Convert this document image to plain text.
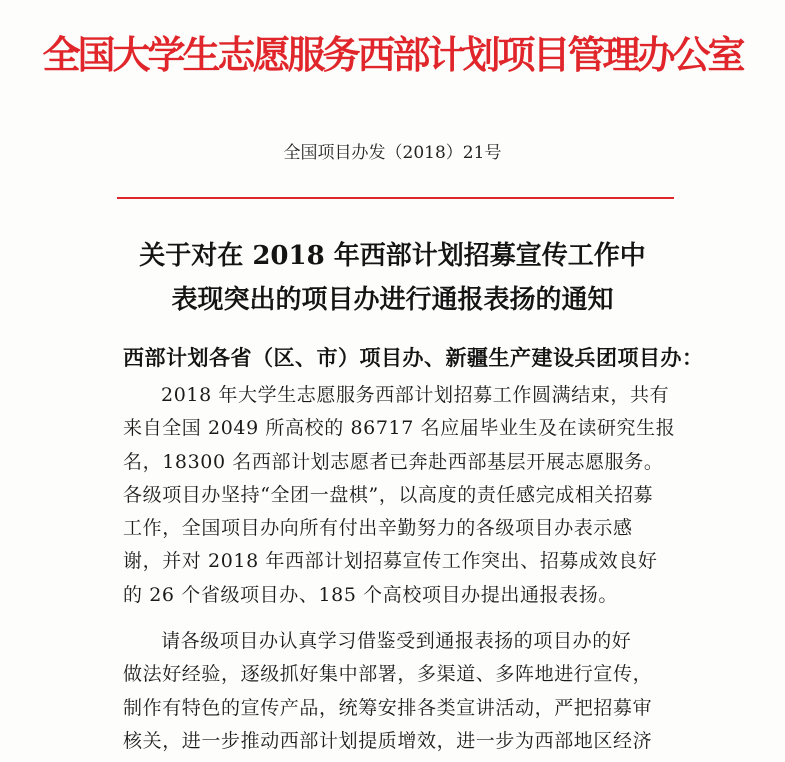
全国大学生志愿服务西部计划项目管理办公室
全国项目办发（2018）21号
关于对在 2018 年西部计划招募宣传工作中
表现突出的项目办进行通报表扬的通知
西部计划各省（区、市）项目办、新疆生产建设兵团项目办：
2018 年大学生志愿服务西部计划招募工作圆满结束，共有
来自全国 2049 所高校的 86717 名应届毕业生及在读研究生报
名，18300 名西部计划志愿者已奔赴西部基层开展志愿服务。
各级项目办坚持“全团一盘棋”，以高度的责任感完成相关招募
工作，全国项目办向所有付出辛勤努力的各级项目办表示感
谢，并对 2018 年西部计划招募宣传工作突出、招募成效良好
的 26 个省级项目办、185 个高校项目办提出通报表扬。
请各级项目办认真学习借鉴受到通报表扬的项目办的好
做法好经验，逐级抓好集中部署，多渠道、多阵地进行宣传，
制作有特色的宣传产品，统筹安排各类宣讲活动，严把招募审
核关，进一步推动西部计划提质增效，进一步为西部地区经济
